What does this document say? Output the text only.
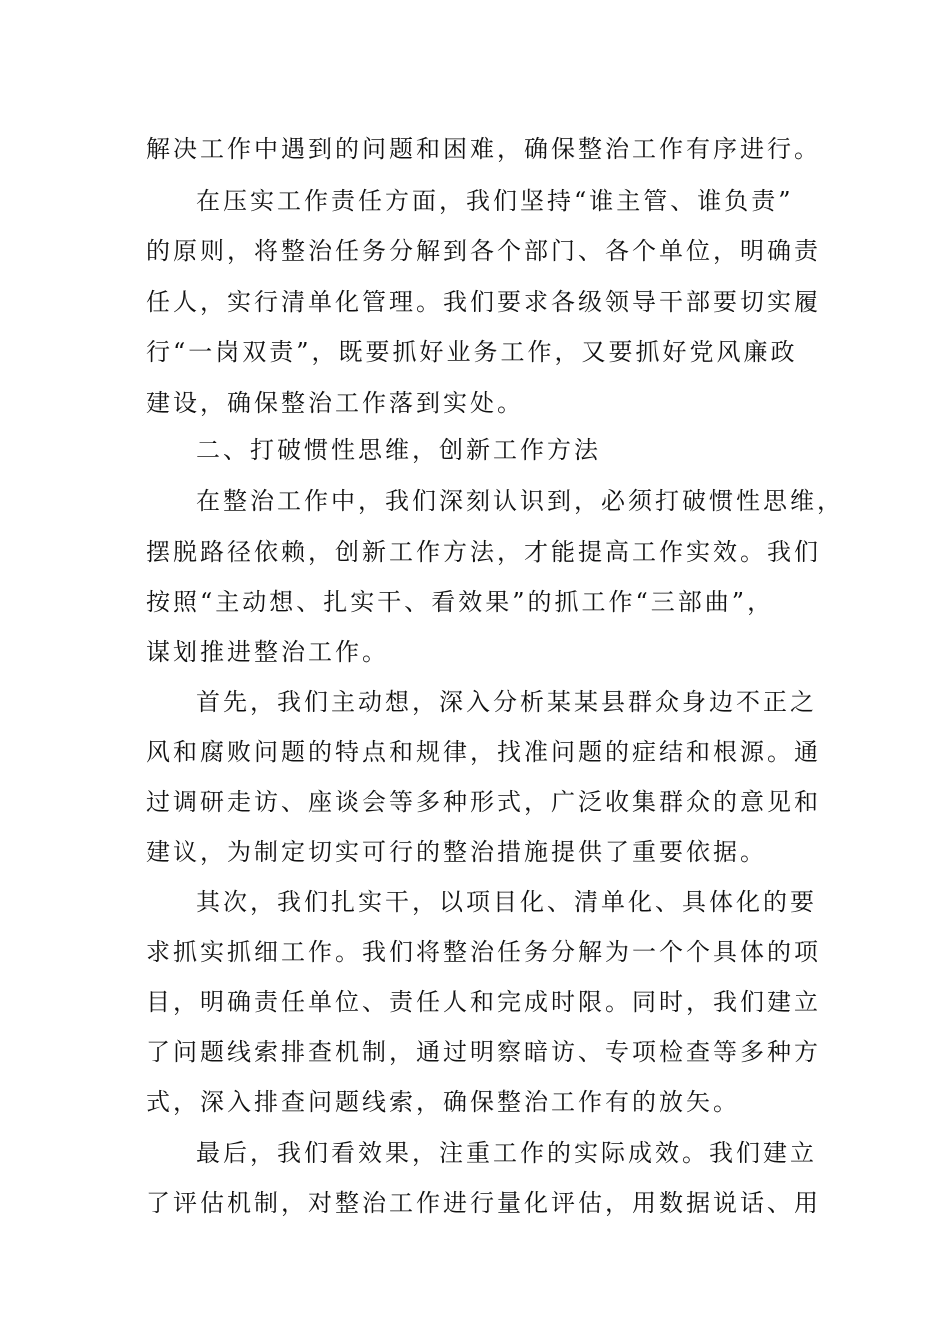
解决工作中遇到的问题和困难，确保整治工作有序进行。

在压实工作责任方面，我们坚持“谁主管、谁负责”

的原则，将整治任务分解到各个部门、各个单位，明确责

任人，实行清单化管理。我们要求各级领导干部要切实履

行“一岗双责”，既要抓好业务工作，又要抓好党风廉政

建设，确保整治工作落到实处。

二、打破惯性思维，创新工作方法

在整治工作中，我们深刻认识到，必须打破惯性思维，

摆脱路径依赖，创新工作方法，才能提高工作实效。我们

按照“主动想、扎实干、看效果”的抓工作“三部曲”，

谋划推进整治工作。

首先，我们主动想，深入分析某某县群众身边不正之

风和腐败问题的特点和规律，找准问题的症结和根源。通

过调研走访、座谈会等多种形式，广泛收集群众的意见和

建议，为制定切实可行的整治措施提供了重要依据。

其次，我们扎实干，以项目化、清单化、具体化的要

求抓实抓细工作。我们将整治任务分解为一个个具体的项

目，明确责任单位、责任人和完成时限。同时，我们建立

了问题线索排查机制，通过明察暗访、专项检查等多种方

式，深入排查问题线索，确保整治工作有的放矢。

最后，我们看效果，注重工作的实际成效。我们建立

了评估机制，对整治工作进行量化评估，用数据说话、用
